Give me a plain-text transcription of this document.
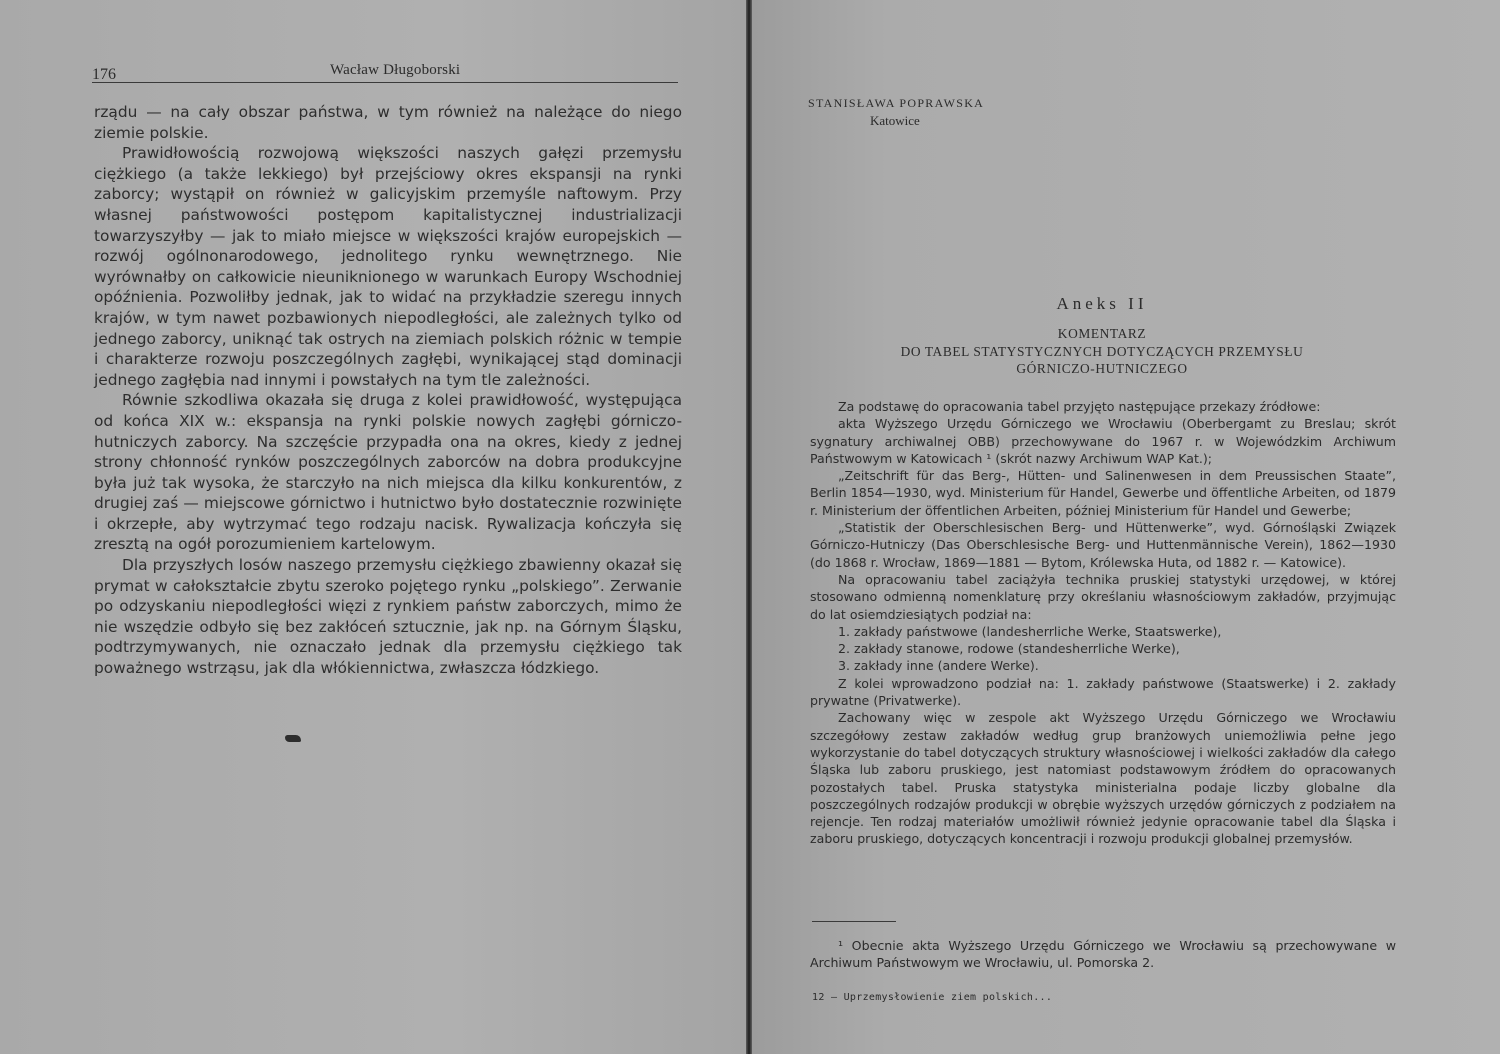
176	Wacław Długoborski

rządu — na cały obszar państwa, w tym również na należące do niego ziemie polskie.

Prawidłowością rozwojową większości naszych gałęzi przemysłu ciężkiego (a także lekkiego) był przejściowy okres ekspansji na rynki zaborcy; wystąpił on również w galicyjskim przemyśle naftowym. Przy własnej państwowości postępom kapitalistycznej industrializacji towarzyszyłby — jak to miało miejsce w większości krajów europejskich — rozwój ogólnonarodowego, jednolitego rynku wewnętrznego. Nie wyrównałby on całkowicie nieuniknionego w warunkach Europy Wschodniej opóźnienia. Pozwoliłby jednak, jak to widać na przykładzie szeregu innych krajów, w tym nawet pozbawionych niepodległości, ale zależnych tylko od jednego zaborcy, uniknąć tak ostrych na ziemiach polskich różnic w tempie i charakterze rozwoju poszczególnych zagłębi, wynikającej stąd dominacji jednego zagłębia nad innymi i powstałych na tym tle zależności.

Równie szkodliwa okazała się druga z kolei prawidłowość, występująca od końca XIX w.: ekspansja na rynki polskie nowych zagłębi górniczo-hutniczych zaborcy. Na szczęście przypadła ona na okres, kiedy z jednej strony chłonność rynków poszczególnych zaborców na dobra produkcyjne była już tak wysoka, że starczyło na nich miejsca dla kilku konkurentów, z drugiej zaś — miejscowe górnictwo i hutnictwo było dostatecznie rozwinięte i okrzepłe, aby wytrzymać tego rodzaju nacisk. Rywalizacja kończyła się zresztą na ogół porozumieniem kartelowym.

Dla przyszłych losów naszego przemysłu ciężkiego zbawienny okazał się prymat w całokształcie zbytu szeroko pojętego rynku „polskiego”. Zerwanie po odzyskaniu niepodległości więzi z rynkiem państw zaborczych, mimo że nie wszędzie odbyło się bez zakłóceń sztucznie, jak np. na Górnym Śląsku, podtrzymywanych, nie oznaczało jednak dla przemysłu ciężkiego tak poważnego wstrząsu, jak dla włókiennictwa, zwłaszcza łódzkiego.

STANISŁAWA POPRAWSKA
Katowice
Aneks II
KOMENTARZ
DO TABEL STATYSTYCZNYCH DOTYCZĄCYCH PRZEMYSŁU
GÓRNICZO-HUTNICZEGO

Za podstawę do opracowania tabel przyjęto następujące przekazy źródłowe:

akta Wyższego Urzędu Górniczego we Wrocławiu (Oberbergamt zu Breslau; skrót sygnatury archiwalnej OBB) przechowywane do 1967 r. w Wojewódzkim Archiwum Państwowym w Katowicach ¹ (skrót nazwy Archiwum WAP Kat.);

„Zeitschrift für das Berg-, Hütten- und Salinenwesen in dem Preussischen Staate”, Berlin 1854—1930, wyd. Ministerium für Handel, Gewerbe und öffentliche Arbeiten, od 1879 r. Ministerium der öffentlichen Arbeiten, później Ministerium für Handel und Gewerbe;

„Statistik der Oberschlesischen Berg- und Hüttenwerke”, wyd. Górnośląski Związek Górniczo-Hutniczy (Das Oberschlesische Berg- und Huttenmännische Verein), 1862—1930 (do 1868 r. Wrocław, 1869—1881 — Bytom, Królewska Huta, od 1882 r. — Katowice).

Na opracowaniu tabel zaciążyła technika pruskiej statystyki urzędowej, w której stosowano odmienną nomenklaturę przy określaniu własnościowym zakładów, przyjmując do lat osiemdziesiątych podział na:

1. zakłady państwowe (landesherrliche Werke, Staatswerke),
2. zakłady stanowe, rodowe (standesherrliche Werke),
3. zakłady inne (andere Werke).

Z kolei wprowadzono podział na: 1. zakłady państwowe (Staatswerke) i 2. zakłady prywatne (Privatwerke).

Zachowany więc w zespole akt Wyższego Urzędu Górniczego we Wrocławiu szczegółowy zestaw zakładów według grup branżowych uniemożliwia pełne jego wykorzystanie do tabel dotyczących struktury własnościowej i wielkości zakładów dla całego Śląska lub zaboru pruskiego, jest natomiast podstawowym źródłem do opracowanych pozostałych tabel. Pruska statystyka ministerialna podaje liczby globalne dla poszczególnych rodzajów produkcji w obrębie wyższych urzędów górniczych z podziałem na rejencje. Ten rodzaj materiałów umożliwił również jedynie opracowanie tabel dla Śląska i zaboru pruskiego, dotyczących koncentracji i rozwoju produkcji globalnej przemysłów.

¹ Obecnie akta Wyższego Urzędu Górniczego we Wrocławiu są przechowywane w Archiwum Państwowym we Wrocławiu, ul. Pomorska 2.
12 — Uprzemysłowienie ziem polskich...
